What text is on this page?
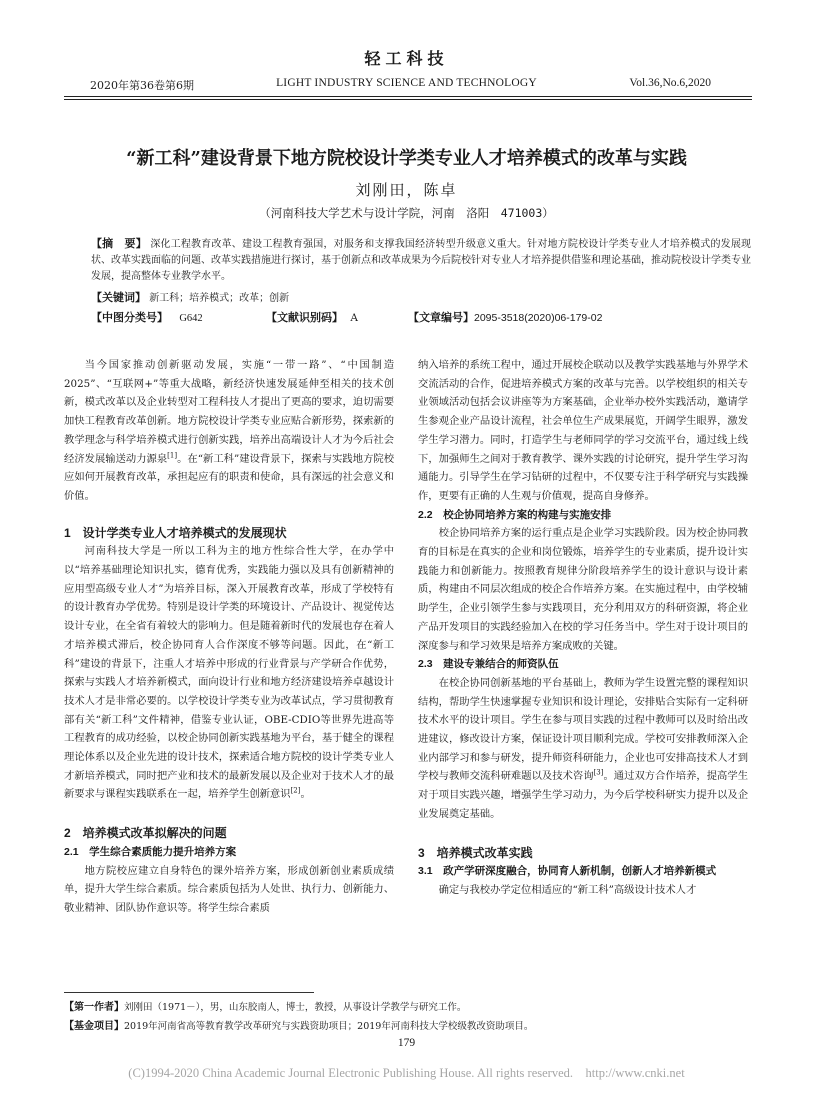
轻工科技
2020年第36卷第6期	LIGHT INDUSTRY SCIENCE AND TECHNOLOGY	Vol.36,No.6,2020
“新工科”建设背景下地方院校设计学类专业人才培养模式的改革与实践
刘刚田，陈卓
（河南科技大学艺术与设计学院，河南　洛阳　471003）
【摘　要】 深化工程教育改革、建设工程教育强国，对服务和支撑我国经济转型升级意义重大。针对地方院校设计学类专业人才培养模式的发展现状、改革实践面临的问题、改革实践措施进行探讨，基于创新点和改革成果为今后院校针对专业人才培养提供借鉴和理论基础，推动院校设计学类专业发展，提高整体专业教学水平。
【关键词】 新工科；培养模式；改革；创新
【中图分类号】 G642	【文献识别码】 A	【文章编号】2095-3518(2020)06-179-02

当今国家推动创新驱动发展，实施“一带一路”、“中国制造2025”、“互联网+”等重大战略，新经济快速发展延伸至相关的技术创新，模式改革以及企业转型对工程科技人才提出了更高的要求，迫切需要加快工程教育改革创新。地方院校设计学类专业应贴合新形势，探索新的教学理念与科学培养模式进行创新实践，培养出高端设计人才为今后社会经济发展输送动力源泉[1]。在“新工科”建设背景下，探索与实践地方院校应如何开展教育改革，承担起应有的职责和使命，具有深远的社会意义和价值。

1　设计学类专业人才培养模式的发展现状

河南科技大学是一所以工科为主的地方性综合性大学，在办学中以“培养基础理论知识扎实，德育优秀，实践能力强以及具有创新精神的应用型高级专业人才”为培养目标，深入开展教育改革，形成了学校特有的设计教育办学优势。特别是设计学类的环境设计、产品设计、视觉传达设计专业，在全省有着较大的影响力。但是随着新时代的发展也存在着人才培养模式滞后，校企协同育人合作深度不够等问题。因此，在“新工科”建设的背景下，注重人才培养中形成的行业背景与产学研合作优势，探索与实践人才培养新模式，面向设计行业和地方经济建设培养卓越设计技术人才是非常必要的。以学校设计学类专业为改革试点，学习贯彻教育部有关“新工科”文件精神，借鉴专业认证，OBE-CDIO等世界先进高等工程教育的成功经验，以校企协同创新实践基地为平台，基于健全的课程理论体系以及企业先进的设计技术，探索适合地方院校的设计学类专业人才新培养模式，同时把产业和技术的最新发展以及企业对于技术人才的最新要求与课程实践联系在一起，培养学生创新意识[2]。

2　培养模式改革拟解决的问题

2.1　学生综合素质能力提升培养方案

地方院校应建立自身特色的课外培养方案，形成创新创业素质成绩单，提升大学生综合素质。综合素质包括为人处世、执行力、创新能力、敬业精神、团队协作意识等。将学生综合素质

纳入培养的系统工程中，通过开展校企联动以及教学实践基地与外界学术交流活动的合作，促进培养模式方案的改革与完善。以学校组织的相关专业领域活动包括会议讲座等为方案基础，企业举办校外实践活动，邀请学生参观企业产品设计流程，社会单位生产成果展览，开阔学生眼界，激发学生学习潜力。同时，打造学生与老师同学的学习交流平台，通过线上线下，加强师生之间对于教育教学、课外实践的讨论研究，提升学生学习沟通能力。引导学生在学习钻研的过程中，不仅要专注于科学研究与实践操作，更要有正确的人生观与价值观，提高自身修养。

2.2　校企协同培养方案的构建与实施安排

校企协同培养方案的运行重点是企业学习实践阶段。因为校企协同教育的目标是在真实的企业和岗位锻炼，培养学生的专业素质，提升设计实践能力和创新能力。按照教育规律分阶段培养学生的设计意识与设计素质，构建由不同层次组成的校企合作培养方案。在实施过程中，由学校辅助学生，企业引领学生参与实践项目，充分利用双方的科研资源，将企业产品开发项目的实践经验加入在校的学习任务当中。学生对于设计项目的深度参与和学习效果是培养方案成败的关键。

2.3　建设专兼结合的师资队伍

在校企协同创新基地的平台基础上，教师为学生设置完整的课程知识结构，帮助学生快速掌握专业知识和设计理论，安排贴合实际有一定科研技术水平的设计项目。学生在参与项目实践的过程中教师可以及时给出改进建议，修改设计方案，保证设计项目顺利完成。学校可安排教师深入企业内部学习和参与研发，提升师资科研能力，企业也可安排高技术人才到学校与教师交流科研难题以及技术咨询[3]。通过双方合作培养，提高学生对于项目实践兴趣，增强学生学习动力，为今后学校科研实力提升以及企业发展奠定基础。

3　培养模式改革实践

3.1　政产学研深度融合，协同育人新机制，创新人才培养新模式

确定与我校办学定位相适应的“新工科”高级设计技术人才

【第一作者】刘刚田（1971－），男，山东胶南人，博士，教授，从事设计学教学与研究工作。
【基金项目】2019年河南省高等教育教学改革研究与实践资助项目；2019年河南科技大学校级教改资助项目。
179
(C)1994-2020 China Academic Journal Electronic Publishing House. All rights reserved.　http://www.cnki.net
